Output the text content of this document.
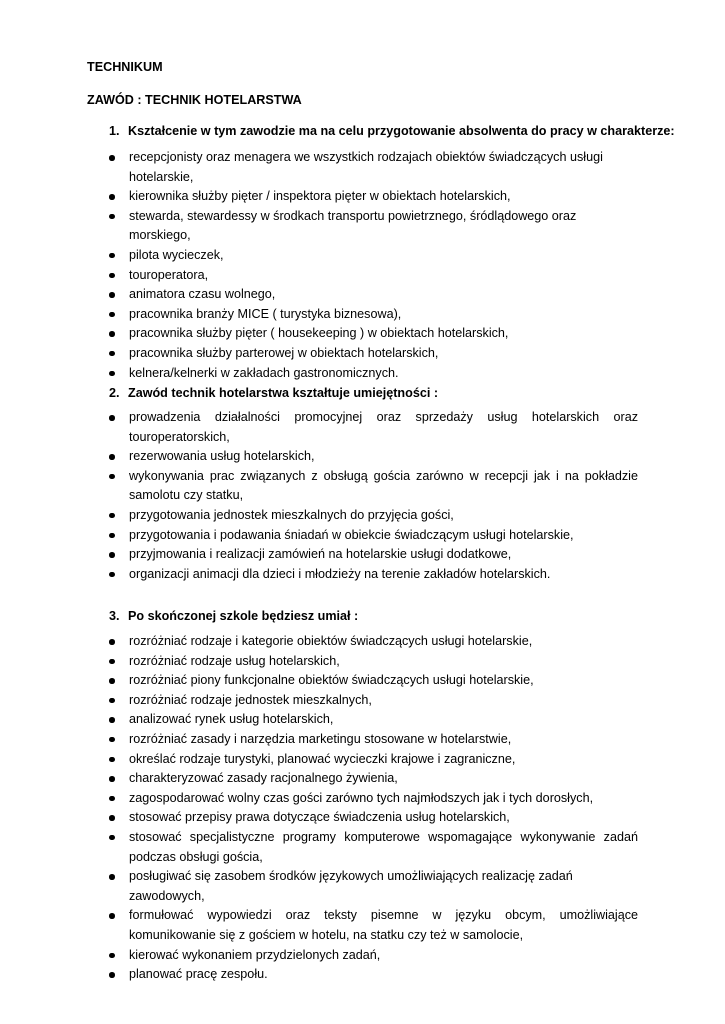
TECHNIKUM
ZAWÓD : TECHNIK HOTELARSTWA
1. Kształcenie w tym zawodzie ma na celu przygotowanie absolwenta do pracy w charakterze:
recepcjonisty oraz menagera we wszystkich rodzajach obiektów świadczących usługi hotelarskie,
kierownika służby pięter / inspektora pięter w obiektach hotelarskich,
stewarda, stewardessy w środkach transportu powietrznego, śródlądowego oraz morskiego,
pilota wycieczek,
touroperatora,
animatora czasu wolnego,
pracownika branży MICE ( turystyka biznesowa),
pracownika służby pięter ( housekeeping ) w obiektach hotelarskich,
pracownika służby parterowej w obiektach hotelarskich,
kelnera/kelnerki w zakładach gastronomicznych.
2. Zawód technik hotelarstwa kształtuje umiejętności :
prowadzenia działalności promocyjnej oraz sprzedaży usług hotelarskich oraz touroperatorskich,
rezerwowania usług hotelarskich,
wykonywania prac związanych z obsługą gościa zarówno w recepcji jak i na pokładzie samolotu czy statku,
przygotowania jednostek mieszkalnych do przyjęcia gości,
przygotowania i podawania śniadań w obiekcie świadczącym usługi hotelarskie,
przyjmowania i realizacji zamówień na hotelarskie usługi dodatkowe,
organizacji animacji dla dzieci i młodzieży na terenie zakładów hotelarskich.
3. Po skończonej szkole będziesz umiał :
rozróżniać rodzaje i kategorie obiektów świadczących usługi hotelarskie,
rozróżniać rodzaje usług hotelarskich,
rozróżniać piony funkcjonalne obiektów świadczących usługi hotelarskie,
rozróżniać rodzaje jednostek mieszkalnych,
analizować rynek usług hotelarskich,
rozróżniać zasady i narzędzia marketingu stosowane w hotelarstwie,
określać rodzaje turystyki, planować wycieczki krajowe i zagraniczne,
charakteryzować zasady racjonalnego żywienia,
zagospodarować wolny czas gości zarówno tych najmłodszych jak i tych dorosłych,
stosować przepisy prawa dotyczące świadczenia usług hotelarskich,
stosować specjalistyczne programy komputerowe wspomagające wykonywanie zadań podczas obsługi gościa,
posługiwać się zasobem środków językowych umożliwiających realizację zadań zawodowych,
formułować wypowiedzi oraz teksty pisemne w języku obcym, umożliwiające komunikowanie się z gościem w hotelu, na statku czy też w samolocie,
kierować wykonaniem przydzielonych zadań,
planować pracę zespołu.
